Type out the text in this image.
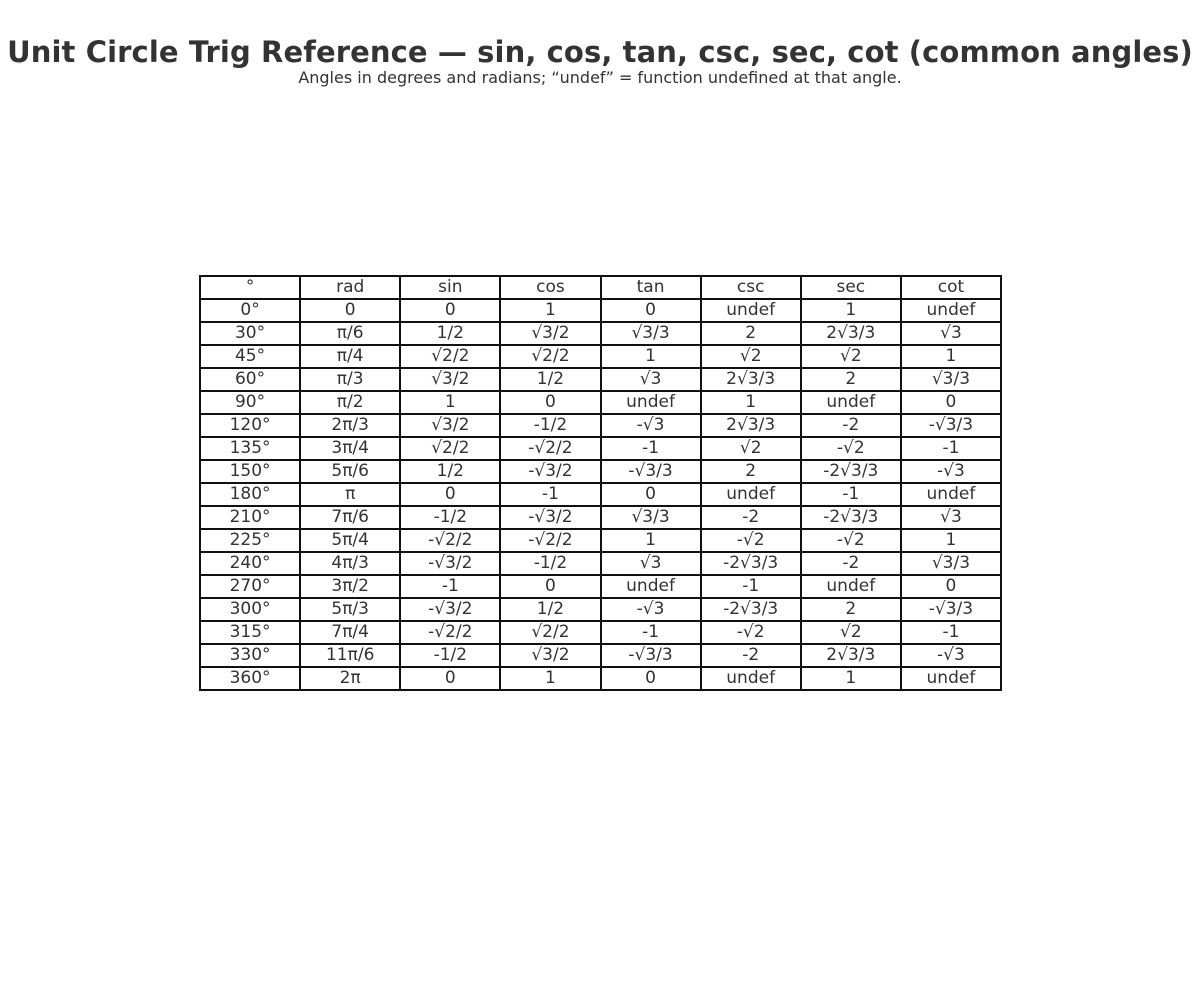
Unit Circle Trig Reference — sin, cos, tan, csc, sec, cot (common angles)
Angles in degrees and radians; “undef” = function undefined at that angle.
°	rad	sin	cos	tan	csc	sec	cot
0°	0	0	1	0	undef	1	undef
30°	π/6	1/2	√3/2	√3/3	2	2√3/3	√3
45°	π/4	√2/2	√2/2	1	√2	√2	1
60°	π/3	√3/2	1/2	√3	2√3/3	2	√3/3
90°	π/2	1	0	undef	1	undef	0
120°	2π/3	√3/2	-1/2	-√3	2√3/3	-2	-√3/3
135°	3π/4	√2/2	-√2/2	-1	√2	-√2	-1
150°	5π/6	1/2	-√3/2	-√3/3	2	-2√3/3	-√3
180°	π	0	-1	0	undef	-1	undef
210°	7π/6	-1/2	-√3/2	√3/3	-2	-2√3/3	√3
225°	5π/4	-√2/2	-√2/2	1	-√2	-√2	1
240°	4π/3	-√3/2	-1/2	√3	-2√3/3	-2	√3/3
270°	3π/2	-1	0	undef	-1	undef	0
300°	5π/3	-√3/2	1/2	-√3	-2√3/3	2	-√3/3
315°	7π/4	-√2/2	√2/2	-1	-√2	√2	-1
330°	11π/6	-1/2	√3/2	-√3/3	-2	2√3/3	-√3
360°	2π	0	1	0	undef	1	undef
